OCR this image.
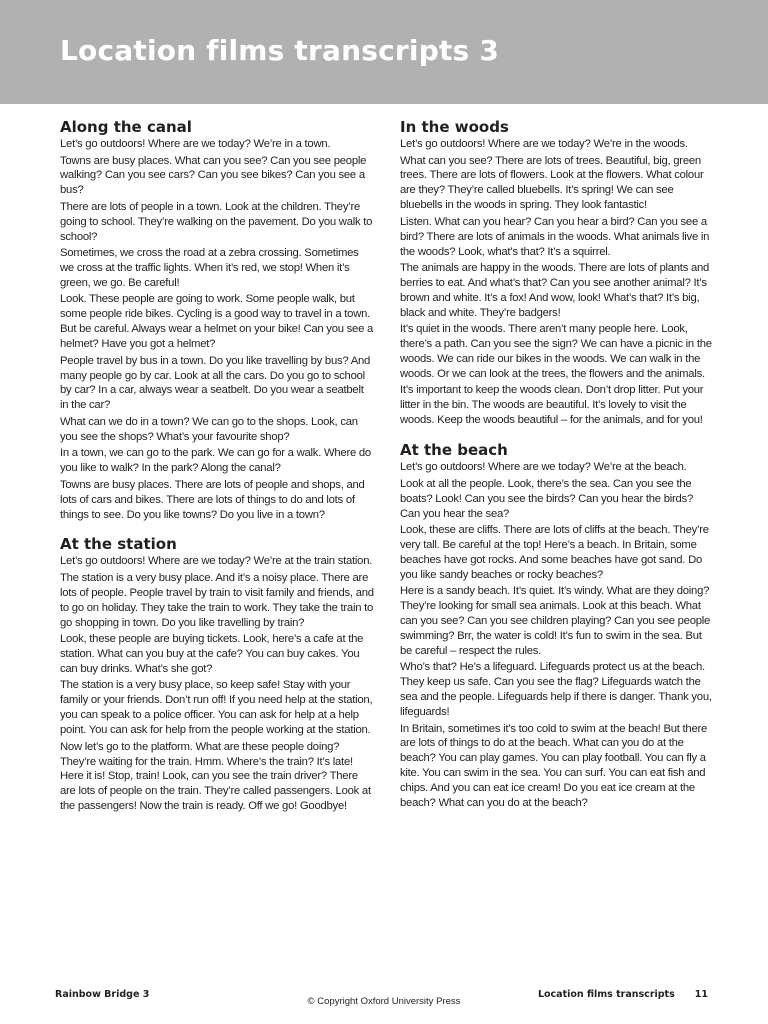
Location films transcripts 3
Along the canal

Let’s go outdoors! Where are we today? We’re in a town.

Towns are busy places. What can you see? Can you see people walking? Can you see cars? Can you see bikes? Can you see a bus?

There are lots of people in a town. Look at the children. They’re going to school. They’re walking on the pavement. Do you walk to school?

Sometimes, we cross the road at a zebra crossing. Sometimes we cross at the traffic lights. When it’s red, we stop! When it’s green, we go. Be careful!

Look. These people are going to work. Some people walk, but some people ride bikes. Cycling is a good way to travel in a town. But be careful. Always wear a helmet on your bike! Can you see a helmet? Have you got a helmet?

People travel by bus in a town. Do you like travelling by bus? And many people go by car. Look at all the cars. Do you go to school by car? In a car, always wear a seatbelt. Do you wear a seatbelt in the car?

What can we do in a town? We can go to the shops. Look, can you see the shops? What’s your favourite shop?

In a town, we can go to the park. We can go for a walk. Where do you like to walk? In the park? Along the canal?

Towns are busy places. There are lots of people and shops, and lots of cars and bikes. There are lots of things to do and lots of things to see. Do you like towns? Do you live in a town?

At the station

Let’s go outdoors! Where are we today? We’re at the train station.

The station is a very busy place. And it’s a noisy place. There are lots of people. People travel by train to visit family and friends, and to go on holiday. They take the train to work. They take the train to go shopping in town. Do you like travelling by train?

Look, these people are buying tickets. Look, here’s a cafe at the station. What can you buy at the cafe? You can buy cakes. You can buy drinks. What’s she got?

The station is a very busy place, so keep safe! Stay with your family or your friends. Don’t run off! If you need help at the station, you can speak to a police officer. You can ask for help at a help point. You can ask for help from the people working at the station.

Now let’s go to the platform. What are these people doing? They’re waiting for the train. Hmm. Where’s the train? It’s late! Here it is! Stop, train! Look, can you see the train driver? There are lots of people on the train. They’re called passengers. Look at the passengers! Now the train is ready. Off we go! Goodbye!

In the woods

Let’s go outdoors! Where are we today? We’re in the woods.

What can you see? There are lots of trees. Beautiful, big, green trees. There are lots of flowers. Look at the flowers. What colour are they? They’re called bluebells. It’s spring! We can see bluebells in the woods in spring. They look fantastic!

Listen. What can you hear? Can you hear a bird? Can you see a bird? There are lots of animals in the woods. What animals live in the woods? Look, what’s that? It’s a squirrel.

The animals are happy in the woods. There are lots of plants and berries to eat. And what’s that? Can you see another animal? It’s brown and white. It’s a fox! And wow, look! What’s that? It’s big, black and white. They’re badgers!

It’s quiet in the woods. There aren’t many people here. Look, there’s a path. Can you see the sign? We can have a picnic in the woods. We can ride our bikes in the woods. We can walk in the woods. Or we can look at the trees, the flowers and the animals.

It’s important to keep the woods clean. Don’t drop litter. Put your litter in the bin. The woods are beautiful. It’s lovely to visit the woods. Keep the woods beautiful – for the animals, and for you!

At the beach

Let’s go outdoors! Where are we today? We’re at the beach.

Look at all the people. Look, there’s the sea. Can you see the boats? Look! Can you see the birds? Can you hear the birds? Can you hear the sea?

Look, these are cliffs. There are lots of cliffs at the beach. They’re very tall. Be careful at the top! Here’s a beach. In Britain, some beaches have got rocks. And some beaches have got sand. Do you like sandy beaches or rocky beaches?

Here is a sandy beach. It’s quiet. It’s windy. What are they doing? They’re looking for small sea animals. Look at this beach. What can you see? Can you see children playing? Can you see people swimming? Brr, the water is cold! It’s fun to swim in the sea. But be careful – respect the rules.

Who’s that? He’s a lifeguard. Lifeguards protect us at the beach. They keep us safe. Can you see the flag? Lifeguards watch the sea and the people. Lifeguards help if there is danger. Thank you, lifeguards!

In Britain, sometimes it’s too cold to swim at the beach! But there are lots of things to do at the beach. What can you do at the beach? You can play games. You can play football. You can fly a kite. You can swim in the sea. You can surf. You can eat fish and chips. And you can eat ice cream! Do you eat ice cream at the beach? What can you do at the beach?

Rainbow Bridge 3
© Copyright Oxford University Press
Location films transcripts 11
